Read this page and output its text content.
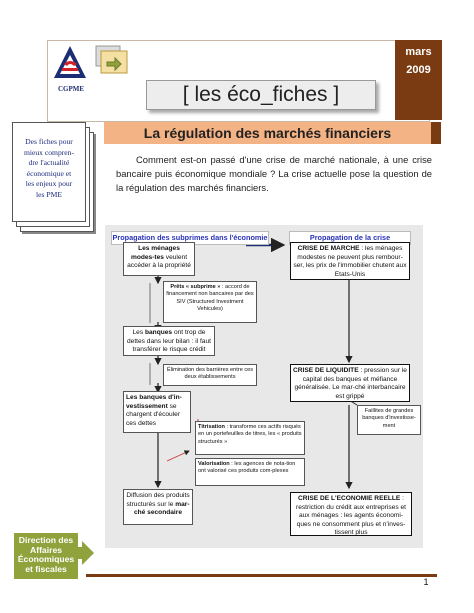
CGPME	[ les éco_fiches ]
mars
2009
Des fiches pour
mieux compren-
dre l'actualité
économique et
les enjeux pour
les PME
La régulation des marchés financiers

Comment est-on passé d'une crise de marché nationale, à une crise bancaire puis économique mondiale ? La crise actuelle pose la question de la régulation des marchés financiers.

Propagation des subprimes dans l'économie	Propagation de la crise
Les ménages modes-tes veulent accéder à la propriété
Prêts « subprime » : accord de financement non bancaires par des SIV (Structured Investment Vehicules)
Les banques ont trop de dettes dans leur bilan : il faut transférer le risque crédit
Élimination des barrières entre ces deux établissements
Les banques d'in-vestissement se chargent d'écouler ces dettes
Titrisation : transforme ces actifs risqués en un portefeuilles de titres, les « produits structurés »
Valorisation : les agences de nota-tion ont valorisé ces produits com-plexes
Diffusion des produits structurés sur le mar-ché secondaire
CRISE DE MARCHE : les ménages modestes ne peuvent plus rembour-ser, les prix de l'immobilier chutent aux Etats-Unis
CRISE DE LIQUIDITE : pression sur le capital des banques et méfiance généralisée. Le mar-ché interbancaire est grippé
Faillites de grandes banques d'investisse-ment
CRISE DE L'ECONOMIE REELLE : restriction du crédit aux entreprises et aux ménages : les agents économi-ques ne consomment plus et n'inves-tissent plus
Direction des Affaires Économiques et fiscales
1
